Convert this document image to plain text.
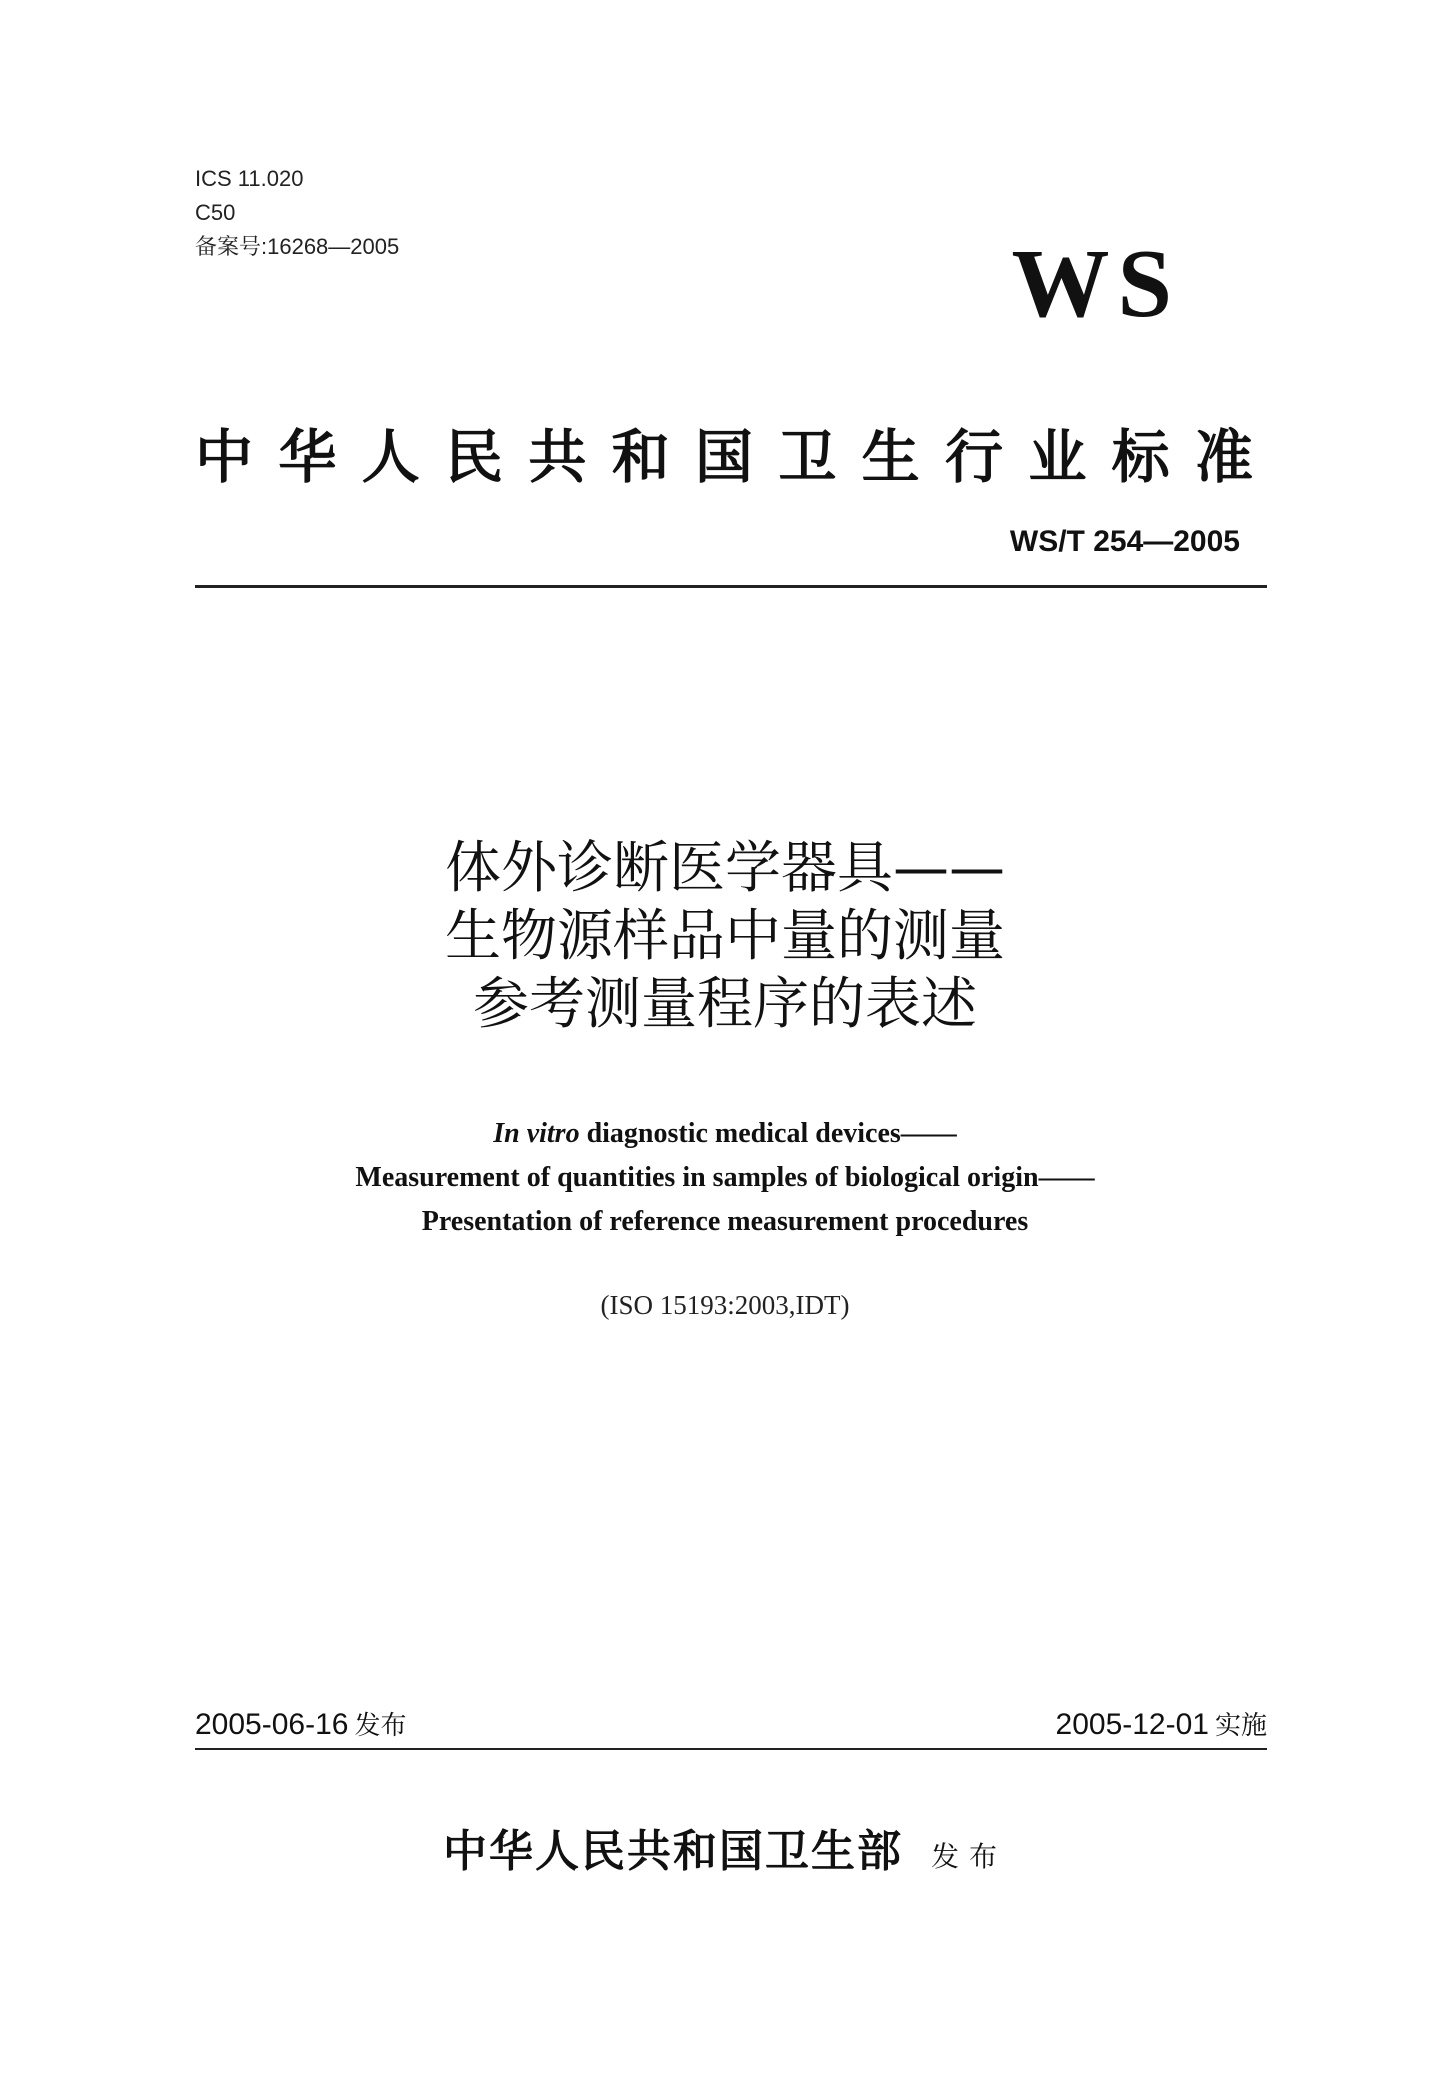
ICS 11.020
C50
备案号:16268—2005	WS
中华人民共和国卫生行业标准
WS/T 254—2005
体外诊断医学器具——
生物源样品中量的测量
参考测量程序的表述
In vitro diagnostic medical devices——
Measurement of quantities in samples of biological origin——
Presentation of reference measurement procedures
(ISO 15193:2003,IDT)
2005-06-16 发布	2005-12-01 实施
中华人民共和国卫生部 发布
